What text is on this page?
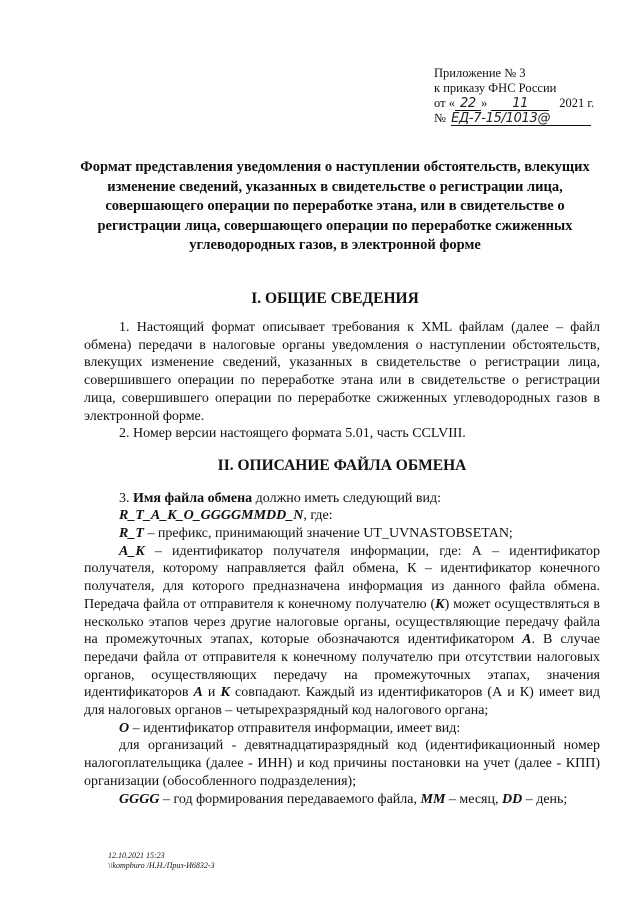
Приложение № 3
к приказу ФНС России
от « 22 » 11 2021 г.
№ ЕД-7-15/1013@
Формат представления уведомления о наступлении обстоятельств, влекущих изменение сведений, указанных в свидетельстве о регистрации лица, совершающего операции по переработке этана, или в свидетельстве о регистрации лица, совершающего операции по переработке сжиженных углеводородных газов, в электронной форме
I. ОБЩИЕ СВЕДЕНИЯ

1. Настоящий формат описывает требования к XML файлам (далее – файл обмена) передачи в налоговые органы уведомления о наступлении обстоятельств, влекущих изменение сведений, указанных в свидетельстве о регистрации лица, совершившего операции по переработке этана или в свидетельстве о регистрации лица, совершившего операции по переработке сжиженных углеводородных газов в электронной форме.

2. Номер версии настоящего формата 5.01, часть CCLVIII.

II. ОПИСАНИЕ ФАЙЛА ОБМЕНА

3. Имя файла обмена должно иметь следующий вид:

R_T_A_K_O_GGGGMMDD_N, где:

R_T – префикс, принимающий значение UT_UVNASTOBSETAN;

A_K – идентификатор получателя информации, где: А – идентификатор получателя, которому направляется файл обмена, К – идентификатор конечного получателя, для которого предназначена информация из данного файла обмена. Передача файла от отправителя к конечному получателю (К) может осуществляться в несколько этапов через другие налоговые органы, осуществляющие передачу файла на промежуточных этапах, которые обозначаются идентификатором А. В случае передачи файла от отправителя к конечному получателю при отсутствии налоговых органов, осуществляющих передачу на промежуточных этапах, значения идентификаторов А и К совпадают. Каждый из идентификаторов (А и К) имеет вид для налоговых органов – четырехразрядный код налогового органа;

O – идентификатор отправителя информации, имеет вид:

для организаций - девятнадцатиразрядный код (идентификационный номер налогоплательщика (далее - ИНН) и код причины постановки на учет (далее - КПП) организации (обособленного подразделения);

GGGG – год формирования передаваемого файла, MM – месяц, DD – день;

12.10.2021 15:23
\\kompburo /Н.Н./Приз-И6832-3
